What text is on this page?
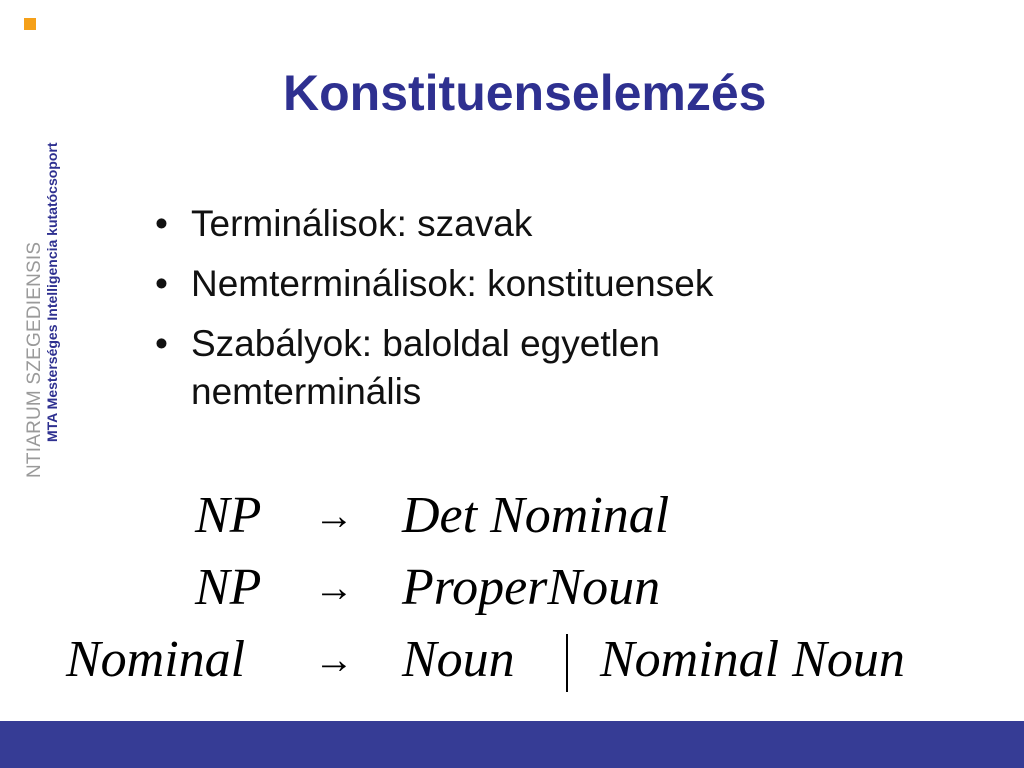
NTIARUM SZEGEDIENSIS MTA Mesterséges Intelligencia kutatócsoport
Konstituenselemzés
• Terminálisok: szavak
• Nemterminálisok: konstituensek
• Szabályok: baloldal egyetlen nemterminális
NP → Det Nominal
NP → ProperNoun
Nominal → Noun Nominal Noun
